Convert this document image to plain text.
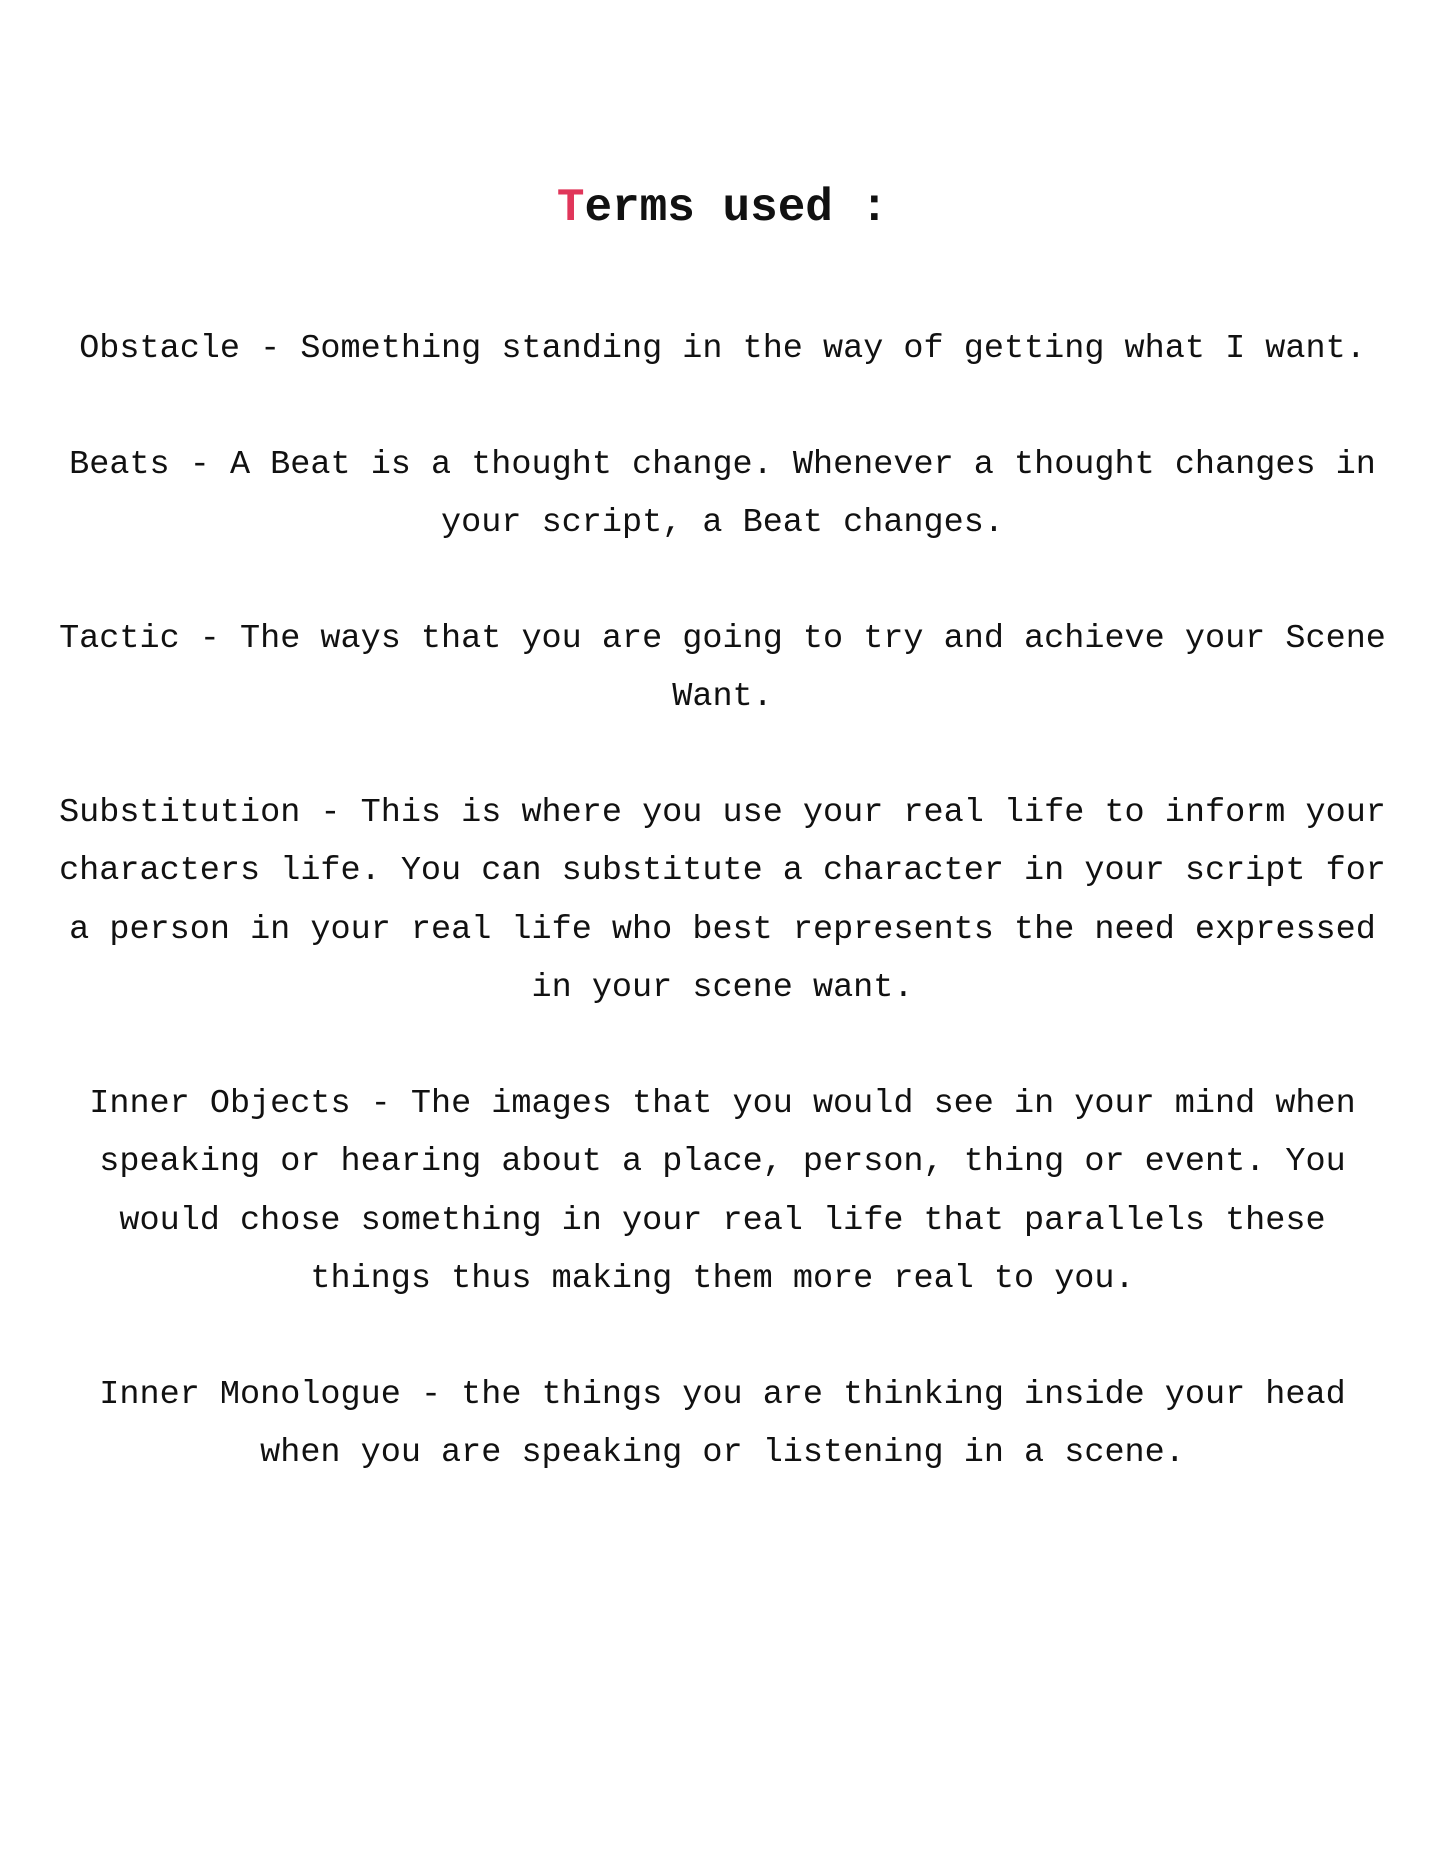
Terms used :
Obstacle - Something standing in the way of getting what I want.
Beats - A Beat is a thought change. Whenever a thought changes in your script, a Beat changes.
Tactic - The ways that you are going to try and achieve your Scene Want.
Substitution - This is where you use your real life to inform your characters life. You can substitute a character in your script for a person in your real life who best represents the need expressed in your scene want.
Inner Objects - The images that you would see in your mind when speaking or hearing about a place, person, thing or event. You would chose something in your real life that parallels these things thus making them more real to you.
Inner Monologue - the things you are thinking inside your head when you are speaking or listening in a scene.
